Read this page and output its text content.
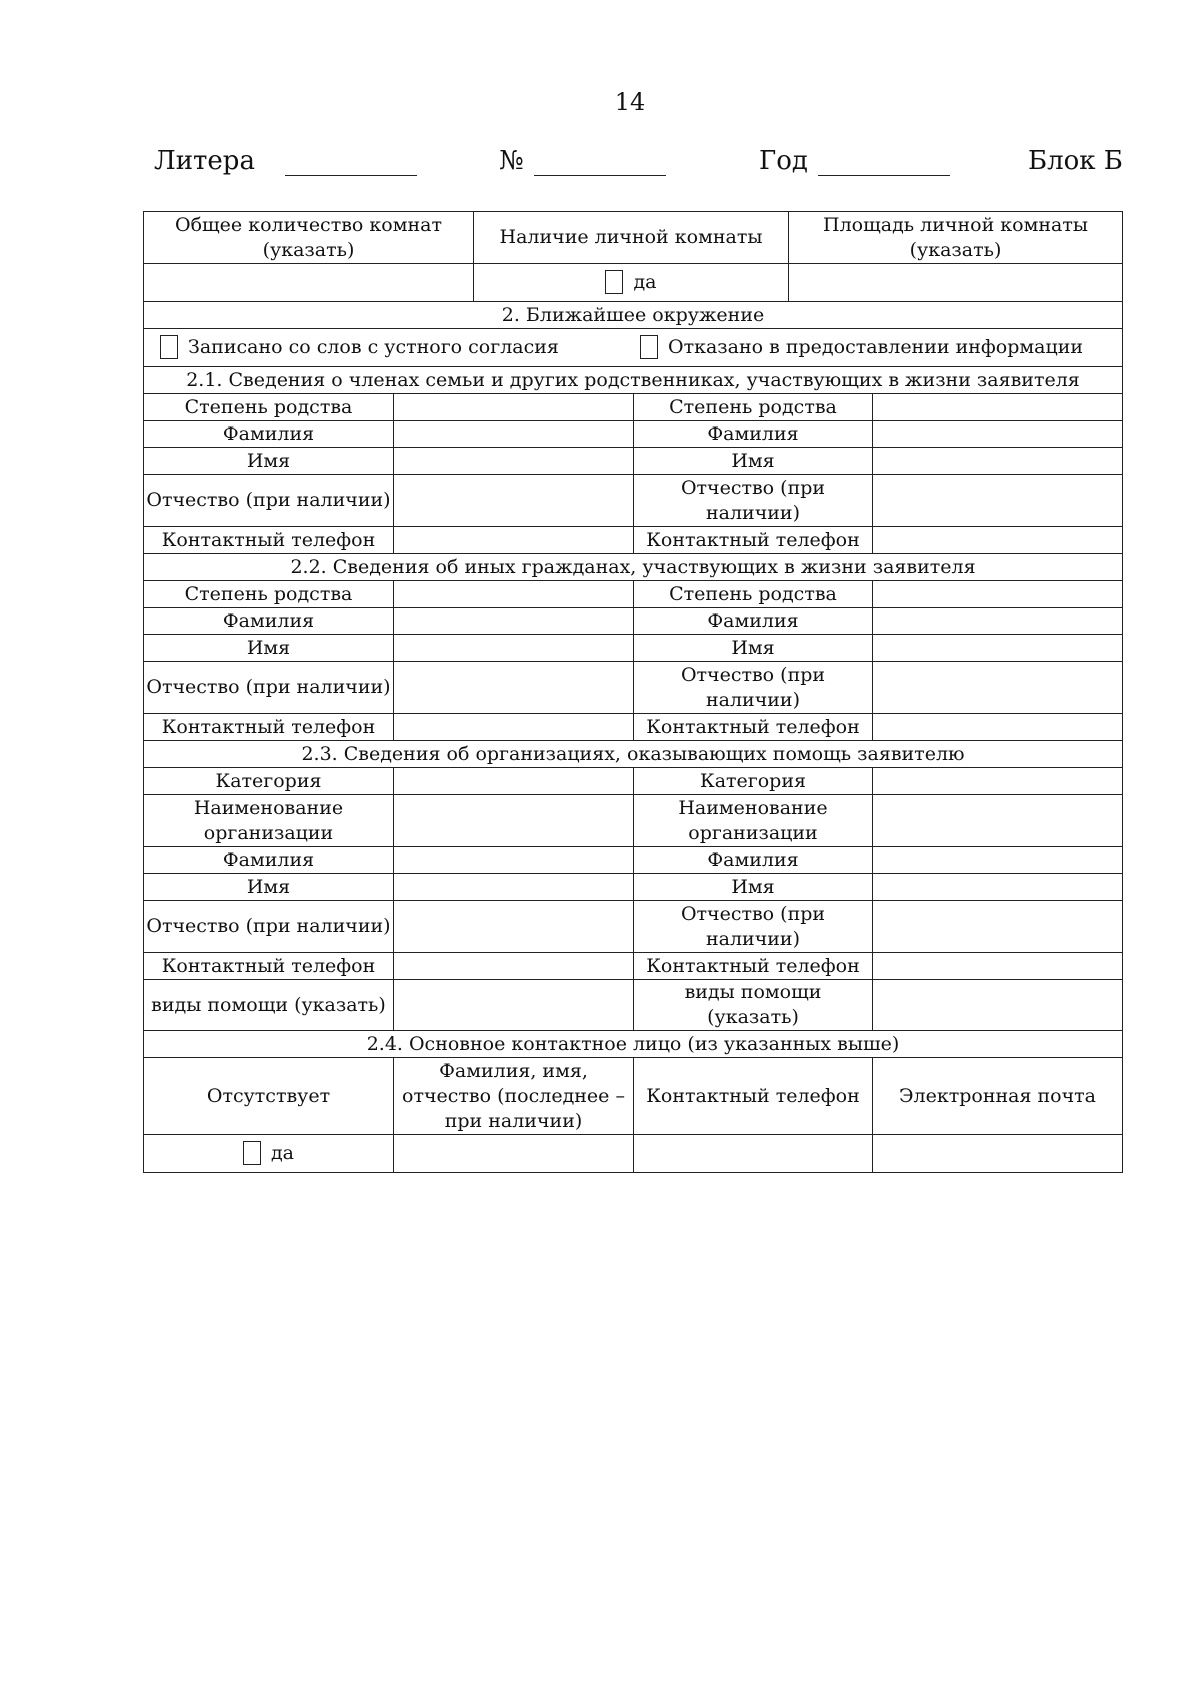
14
Литера	№	Год	Блок Б
Общее количество комнат (указать)		Наличие личной комнаты		Площадь личной комнаты (указать)	
		да			
2. Ближайшее окружение					
Записано со слов с устного согласия Отказано в предоставлении информации					
2.1. Сведения о членах семьи и других родственниках, участвующих в жизни заявителя					
Степень родства			Степень родства		
Фамилия			Фамилия		
Имя			Имя		
Отчество (при наличии)			Отчество (при наличии)		
Контактный телефон			Контактный телефон		
2.2. Сведения об иных гражданах, участвующих в жизни заявителя					
Степень родства			Степень родства		
Фамилия			Фамилия		
Имя			Имя		
Отчество (при наличии)			Отчество (при наличии)		
Контактный телефон			Контактный телефон		
2.3. Сведения об организациях, оказывающих помощь заявителю					
Категория			Категория		
Наименование организации			Наименование организации		
Фамилия			Фамилия		
Имя			Имя		
Отчество (при наличии)			Отчество (при наличии)		
Контактный телефон			Контактный телефон		
виды помощи (указать)			виды помощи (указать)		
2.4. Основное контактное лицо (из указанных выше)					
Отсутствует	Фамилия, имя, отчество (последнее – при наличии)		Контактный телефон		Электронная почта
да					
